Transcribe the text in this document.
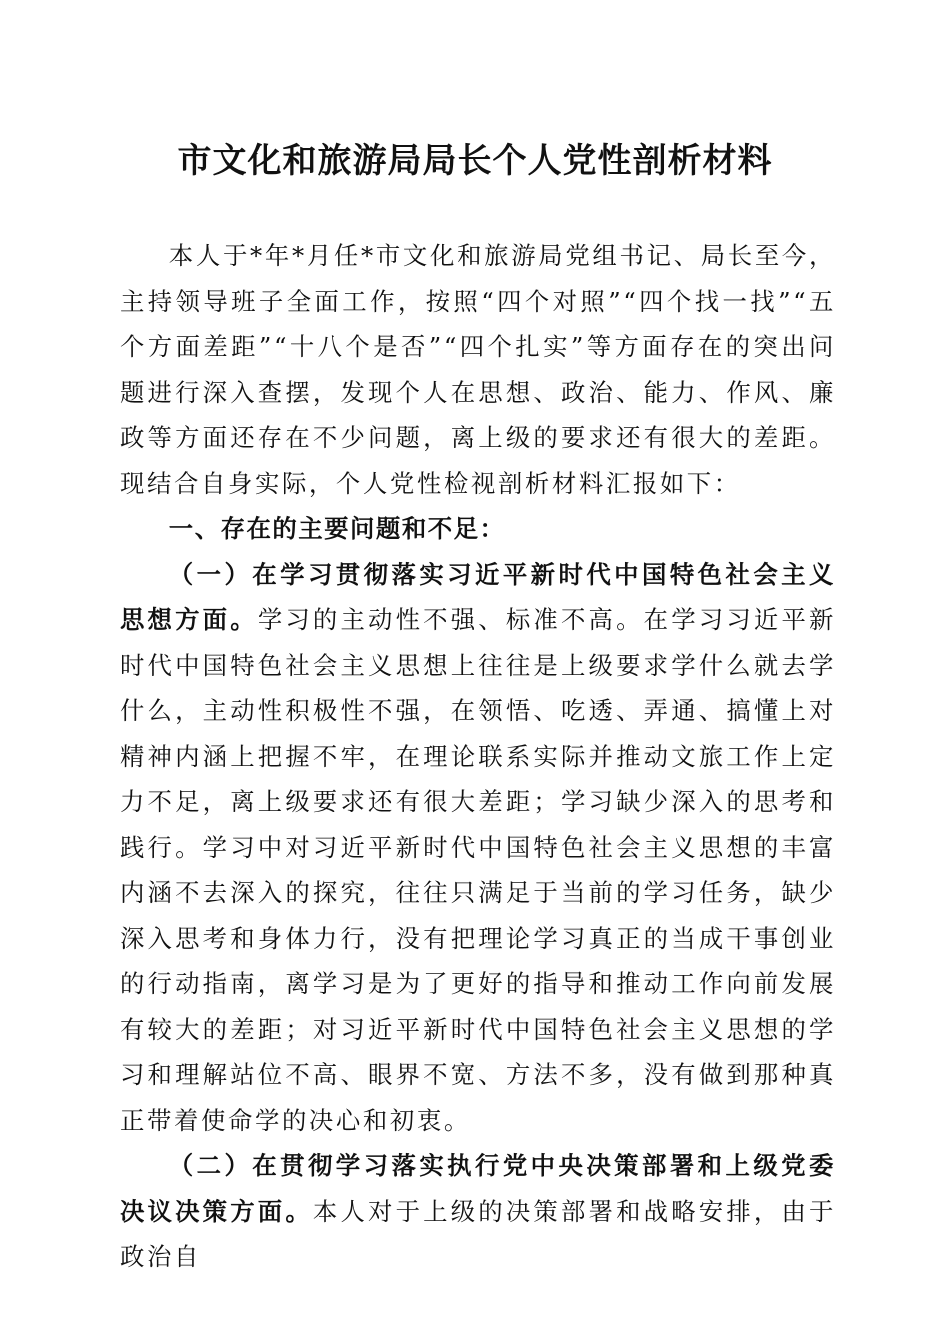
市文化和旅游局局长个人党性剖析材料

本人于*年*月任*市文化和旅游局党组书记、局长至今，主持领导班子全面工作，按照“四个对照”“四个找一找”“五个方面差距”“十八个是否”“四个扎实”等方面存在的突出问题进行深入查摆，发现个人在思想、政治、能力、作风、廉政等方面还存在不少问题，离上级的要求还有很大的差距。现结合自身实际，个人党性检视剖析材料汇报如下：

一、存在的主要问题和不足：

（一）在学习贯彻落实习近平新时代中国特色社会主义思想方面。学习的主动性不强、标准不高。在学习习近平新时代中国特色社会主义思想上往往是上级要求学什么就去学什么，主动性积极性不强，在领悟、吃透、弄通、搞懂上对精神内涵上把握不牢，在理论联系实际并推动文旅工作上定力不足，离上级要求还有很大差距；学习缺少深入的思考和践行。学习中对习近平新时代中国特色社会主义思想的丰富内涵不去深入的探究，往往只满足于当前的学习任务，缺少深入思考和身体力行，没有把理论学习真正的当成干事创业的行动指南，离学习是为了更好的指导和推动工作向前发展有较大的差距；对习近平新时代中国特色社会主义思想的学习和理解站位不高、眼界不宽、方法不多，没有做到那种真正带着使命学的决心和初衷。

（二）在贯彻学习落实执行党中央决策部署和上级党委决议决策方面。本人对于上级的决策部署和战略安排，由于政治自
